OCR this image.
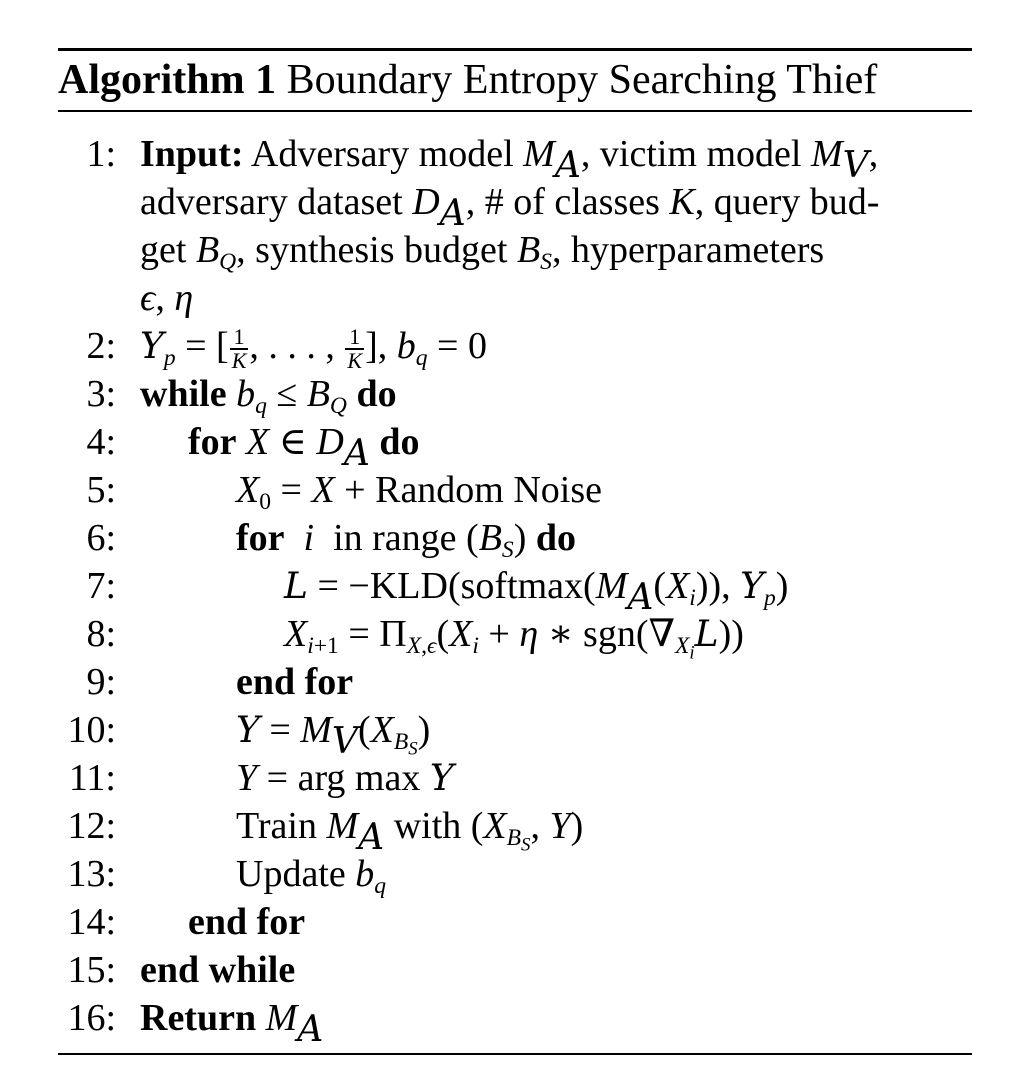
Algorithm 1 Boundary Entropy Searching Thief
1: Input: Adversary model $M_A$, victim model $M_V$,
adversary dataset $D_A$, # of classes K, query bud-
get $B_Q$, synthesis budget $B_S$, hyperparameters
ϵ, η
2: $Y_p$ = [ $\frac{1}{K}$ , . . . , $\frac{1}{K}$ ], $b_q = 0$
3: while $b_q \le B_Q$ do
4: for X ∈ $D_A$ do
5:	$X_0 = X$ + Random Noise
6:	for i in range $(B_S)$ do
7:	$L = -KLD(softmax(M_A(X_i))$, $Y_p$)
8:	$X_{i+1} = \Pi_{X,\epsilon}(X_i + \eta$ ∗ $sgn(\nabla_{X_i}L)$)
9:	end for
10:	$Y = M_V(X_{B_S})$
11:	Y = arg max Y
12:	Train $M_A$ with ($X_{B_S}$, Y)
13:	Update $b_q$
14: end for
15: end while
16: Return $M_A$
